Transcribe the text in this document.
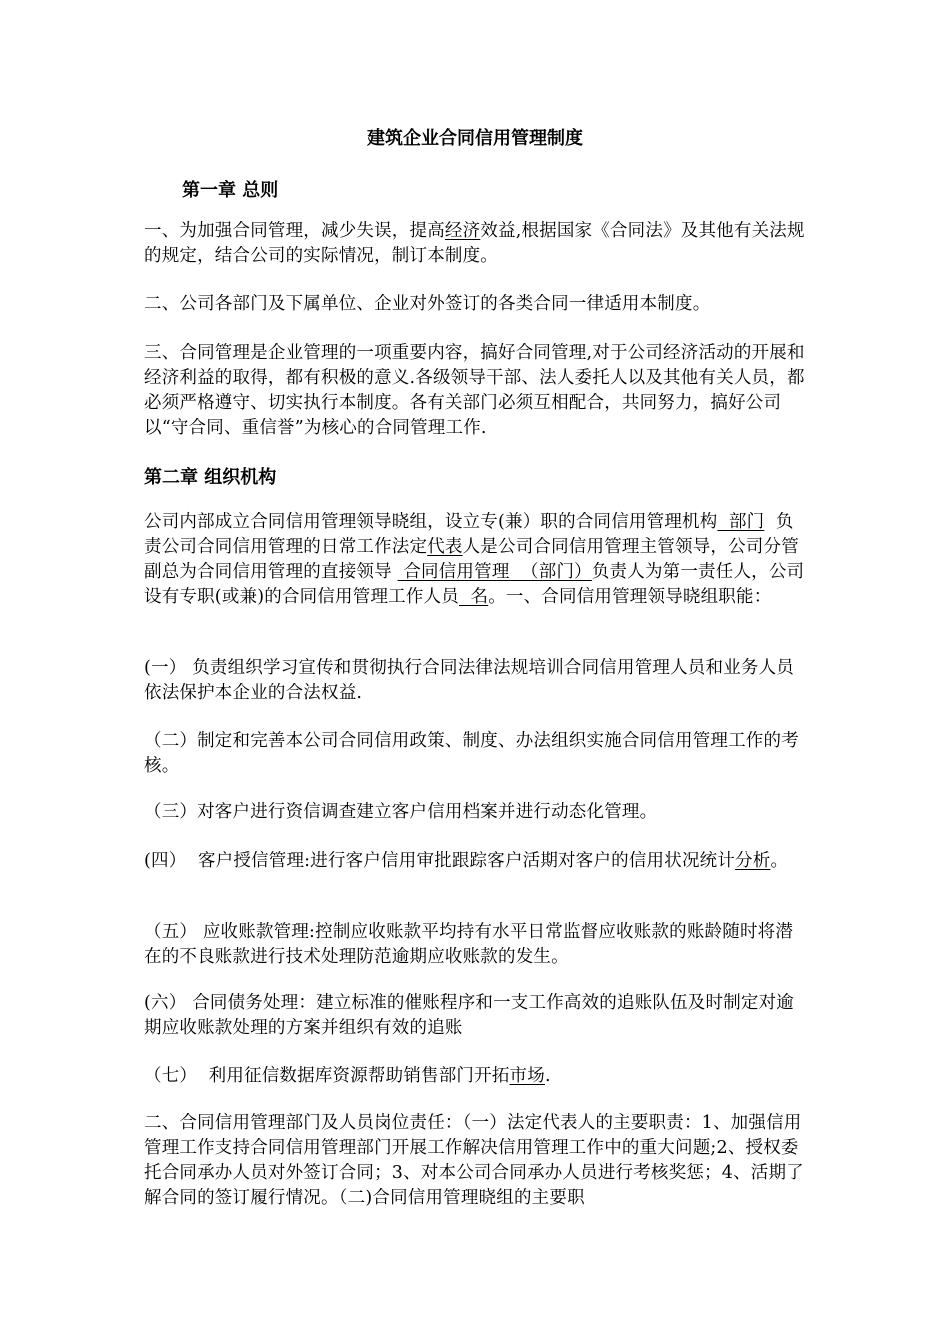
建筑企业合同信用管理制度
第一章 总则

一、为加强合同管理，减少失误，提高经济效益,根据国家《合同法》及其他有关法规的规定，结合公司的实际情况，制订本制度。

二、公司各部门及下属单位、企业对外签订的各类合同一律适用本制度。

三、合同管理是企业管理的一项重要内容，搞好合同管理,对于公司经济活动的开展和经济利益的取得，都有积极的意义.各级领导干部、法人委托人以及其他有关人员，都必须严格遵守、切实执行本制度。各有关部门必须互相配合，共同努力，搞好公司以“守合同、重信誉”为核心的合同管理工作.

第二章 组织机构

公司内部成立合同信用管理领导晓组，设立专(兼）职的合同信用管理机构  部门  负责公司合同信用管理的日常工作法定代表人是公司合同信用管理主管领导，公司分管副总为合同信用管理的直接领导  合同信用管理  （部门）负责人为第一责任人，公司设有专职(或兼)的合同信用管理工作人员  名。一、合同信用管理领导晓组职能：

(一） 负责组织学习宣传和贯彻执行合同法律法规培训合同信用管理人员和业务人员依法保护本企业的合法权益.

（二）制定和完善本公司合同信用政策、制度、办法组织实施合同信用管理工作的考核。

（三）对客户进行资信调查建立客户信用档案并进行动态化管理。

(四）  客户授信管理:进行客户信用审批跟踪客户活期对客户的信用状况统计分析。

（五） 应收账款管理:控制应收账款平均持有水平日常监督应收账款的账龄随时将潜在的不良账款进行技术处理防范逾期应收账款的发生。

(六） 合同债务处理：建立标准的催账程序和一支工作高效的追账队伍及时制定对逾期应收账款处理的方案并组织有效的追账

（七）  利用征信数据库资源帮助销售部门开拓市场.

二、合同信用管理部门及人员岗位责任：（一）法定代表人的主要职责：1、加强信用管理工作支持合同信用管理部门开展工作解决信用管理工作中的重大问题;2、授权委托合同承办人员对外签订合同；3、对本公司合同承办人员进行考核奖惩；4、活期了解合同的签订履行情况。（二)合同信用管理晓组的主要职
